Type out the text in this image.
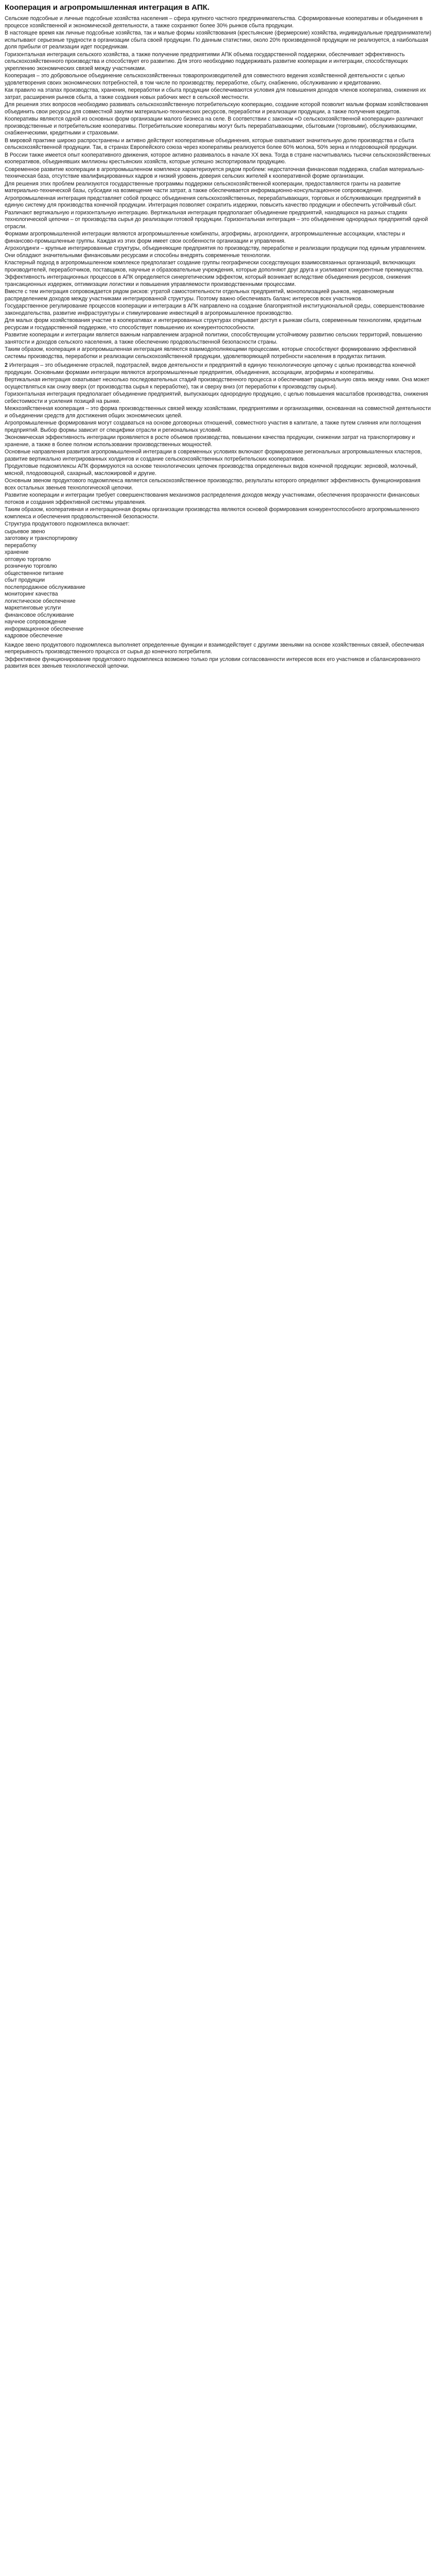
Кооперация и агропромышленная интеграция в АПК.

Сельские подсобные и личные подсобные хозяйства населения – сфера крупного частного предпринимательства. Сформированные кооперативы и объединения в процессе хозяйственной и экономической деятельности, а также сохраняют более 30% рынков сбыта продукции.

В настоящее время как личные подсобные хозяйства, так и малые формы хозяйствования (крестьянские (фермерские) хозяйства, индивидуальные предприниматели) испытывают серьезные трудности в организации сбыта своей продукции. По данным статистики, около 20% произведенной продукции не реализуется, а наибольшая доля прибыли от реализации идет посредникам.

Горизонтальная интеграция сельского хозяйства, а также получение предприятиями АПК объема государственной поддержки, обеспечивает эффективность сельскохозяйственного производства и способствует его развитию. Для этого необходимо поддерживать развитие кооперации и интеграции, способствующих укреплению экономических связей между участниками.

Кооперация – это добровольное объединение сельскохозяйственных товаропроизводителей для совместного ведения хозяйственной деятельности с целью удовлетворения своих экономических потребностей, в том числе по производству, переработке, сбыту, снабжению, обслуживанию и кредитованию.

Как правило на этапах производства, хранения, переработки и сбыта продукции обеспечиваются условия для повышения доходов членов кооператива, снижения их затрат, расширения рынков сбыта, а также создания новых рабочих мест в сельской местности.

Для решения этих вопросов необходимо развивать сельскохозяйственную потребительскую кооперацию, создание которой позволит малым формам хозяйствования объединить свои ресурсы для совместной закупки материально-технических ресурсов, переработки и реализации продукции, а также получения кредитов.

Кооперативы являются одной из основных форм организации малого бизнеса на селе. В соответствии с законом «О сельскохозяйственной кооперации» различают производственные и потребительские кооперативы. Потребительские кооперативы могут быть перерабатывающими, сбытовыми (торговыми), обслуживающими, снабженческими, кредитными и страховыми.

В мировой практике широко распространены и активно действуют кооперативные объединения, которые охватывают значительную долю производства и сбыта сельскохозяйственной продукции. Так, в странах Европейского союза через кооперативы реализуется более 60% молока, 50% зерна и плодоовощной продукции.

В России также имеется опыт кооперативного движения, которое активно развивалось в начале XX века. Тогда в стране насчитывались тысячи сельскохозяйственных кооперативов, объединявших миллионы крестьянских хозяйств, которые успешно экспортировали продукцию.

Современное развитие кооперации в агропромышленном комплексе характеризуется рядом проблем: недостаточная финансовая поддержка, слабая материально-техническая база, отсутствие квалифицированных кадров и низкий уровень доверия сельских жителей к кооперативной форме организации.

Для решения этих проблем реализуются государственные программы поддержки сельскохозяйственной кооперации, предоставляются гранты на развитие материально-технической базы, субсидии на возмещение части затрат, а также обеспечивается информационно-консультационное сопровождение.

Агропромышленная интеграция представляет собой процесс объединения сельскохозяйственных, перерабатывающих, торговых и обслуживающих предприятий в единую систему для производства конечной продукции. Интеграция позволяет сократить издержки, повысить качество продукции и обеспечить устойчивый сбыт.

Различают вертикальную и горизонтальную интеграцию. Вертикальная интеграция предполагает объединение предприятий, находящихся на разных стадиях технологической цепочки – от производства сырья до реализации готовой продукции. Горизонтальная интеграция – это объединение однородных предприятий одной отрасли.

Формами агропромышленной интеграции являются агропромышленные комбинаты, агрофирмы, агрохолдинги, агропромышленные ассоциации, кластеры и финансово-промышленные группы. Каждая из этих форм имеет свои особенности организации и управления.

Агрохолдинги – крупные интегрированные структуры, объединяющие предприятия по производству, переработке и реализации продукции под единым управлением. Они обладают значительными финансовыми ресурсами и способны внедрять современные технологии.

Кластерный подход в агропромышленном комплексе предполагает создание группы географически соседствующих взаимосвязанных организаций, включающих производителей, переработчиков, поставщиков, научные и образовательные учреждения, которые дополняют друг друга и усиливают конкурентные преимущества.

Эффективность интеграционных процессов в АПК определяется синергетическим эффектом, который возникает вследствие объединения ресурсов, снижения трансакционных издержек, оптимизации логистики и повышения управляемости производственными процессами.

Вместе с тем интеграция сопровождается рядом рисков: утратой самостоятельности отдельных предприятий, монополизацией рынков, неравномерным распределением доходов между участниками интегрированной структуры. Поэтому важно обеспечивать баланс интересов всех участников.

Государственное регулирование процессов кооперации и интеграции в АПК направлено на создание благоприятной институциональной среды, совершенствование законодательства, развитие инфраструктуры и стимулирование инвестиций в агропромышленное производство.

Для малых форм хозяйствования участие в кооперативах и интегрированных структурах открывает доступ к рынкам сбыта, современным технологиям, кредитным ресурсам и государственной поддержке, что способствует повышению их конкурентоспособности.

Развитие кооперации и интеграции является важным направлением аграрной политики, способствующим устойчивому развитию сельских территорий, повышению занятости и доходов сельского населения, а также обеспечению продовольственной безопасности страны.

Таким образом, кооперация и агропромышленная интеграция являются взаимодополняющими процессами, которые способствуют формированию эффективной системы производства, переработки и реализации сельскохозяйственной продукции, удовлетворяющей потребности населения в продуктах питания.

2 Интеграция – это объединение отраслей, подотраслей, видов деятельности и предприятий в единую технологическую цепочку с целью производства конечной продукции. Основными формами интеграции являются агропромышленные предприятия, объединения, ассоциации, агрофирмы и кооперативы.

Вертикальная интеграция охватывает несколько последовательных стадий производственного процесса и обеспечивает рациональную связь между ними. Она может осуществляться как снизу вверх (от производства сырья к переработке), так и сверху вниз (от переработки к производству сырья).

Горизонтальная интеграция предполагает объединение предприятий, выпускающих однородную продукцию, с целью повышения масштабов производства, снижения себестоимости и усиления позиций на рынке.

Межхозяйственная кооперация – это форма производственных связей между хозяйствами, предприятиями и организациями, основанная на совместной деятельности и объединении средств для достижения общих экономических целей.

Агропромышленные формирования могут создаваться на основе договорных отношений, совместного участия в капитале, а также путем слияния или поглощения предприятий. Выбор формы зависит от специфики отрасли и региональных условий.

Экономическая эффективность интеграции проявляется в росте объемов производства, повышении качества продукции, снижении затрат на транспортировку и хранение, а также в более полном использовании производственных мощностей.

Основные направления развития агропромышленной интеграции в современных условиях включают формирование региональных агропромышленных кластеров, развитие вертикально интегрированных холдингов и создание сельскохозяйственных потребительских кооперативов.

Продуктовые подкомплексы АПК формируются на основе технологических цепочек производства определенных видов конечной продукции: зерновой, молочный, мясной, плодоовощной, сахарный, масложировой и другие.

Основным звеном продуктового подкомплекса является сельскохозяйственное производство, результаты которого определяют эффективность функционирования всех остальных звеньев технологической цепочки.

Развитие кооперации и интеграции требует совершенствования механизмов распределения доходов между участниками, обеспечения прозрачности финансовых потоков и создания эффективной системы управления.

Таким образом, кооперативная и интеграционная формы организации производства являются основой формирования конкурентоспособного агропромышленного комплекса и обеспечения продовольственной безопасности.

Структура продуктового подкомплекса включает:

сырьевое звено
заготовку и транспортировку
переработку
хранение
оптовую торговлю
розничную торговлю
общественное питание
сбыт продукции
послепродажное обслуживание
мониторинг качества
логистическое обеспечение
маркетинговые услуги
финансовое обслуживание
научное сопровождение
информационное обеспечение
кадровое обеспечение

Каждое звено продуктового подкомплекса выполняет определенные функции и взаимодействует с другими звеньями на основе хозяйственных связей, обеспечивая непрерывность производственного процесса от сырья до конечного потребителя.

Эффективное функционирование продуктового подкомплекса возможно только при условии согласованности интересов всех его участников и сбалансированного развития всех звеньев технологической цепочки.
